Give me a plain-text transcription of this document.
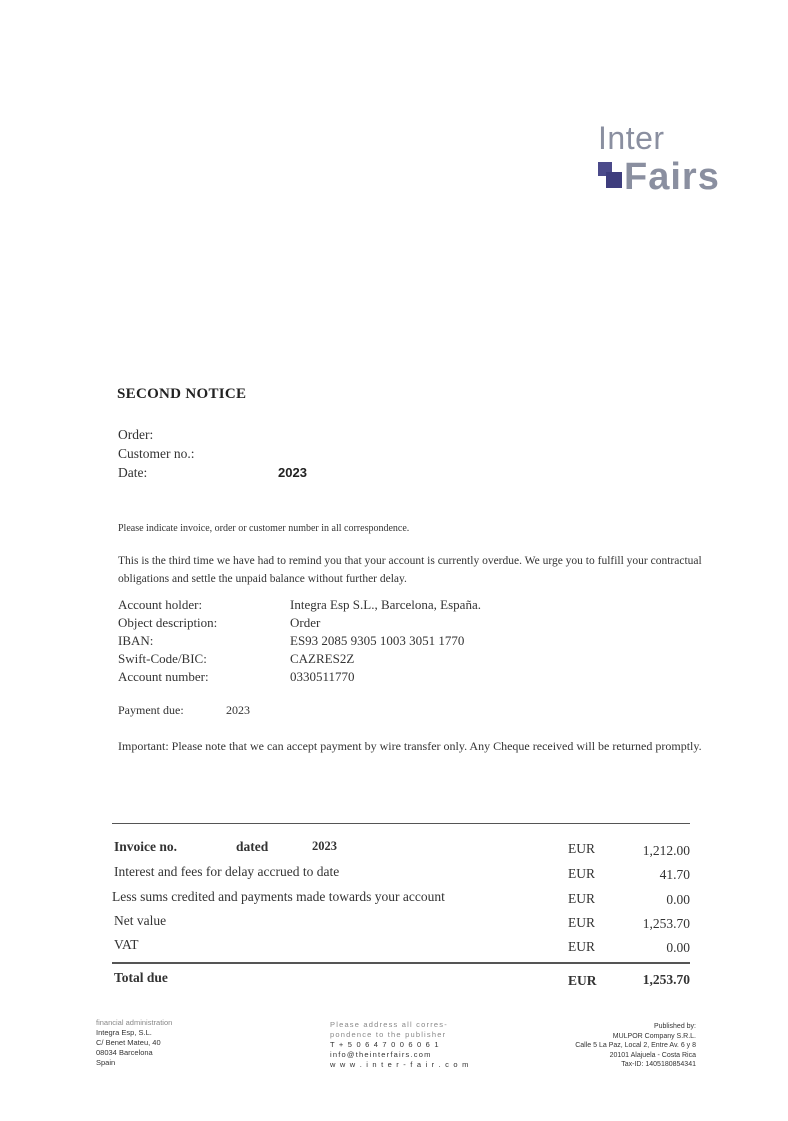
Inter
Fairs
SECOND NOTICE
Order:
Customer no.:
Date:	2023
Please indicate invoice, order or customer number in all correspondence.
This is the third time we have had to remind you that your account is currently overdue. We urge you to fulfill your contractual obligations and settle the unpaid balance without further delay.
Account holder:	Integra Esp S.L., Barcelona, España.
Object description:	Order
IBAN:	ES93 2085 9305 1003 3051 1770
Swift-Code/BIC:	CAZRES2Z
Account number:	0330511770
Payment due:	2023
Important: Please note that we can accept payment by wire transfer only. Any Cheque received will be returned promptly.
Invoice no.	dated	2023	EUR	1,212.00
Interest and fees for delay accrued to date	EUR	41.70
Less sums credited and payments made towards your account	EUR	0.00
Net value	EUR	1,253.70
VAT	EUR	0.00
Total due	EUR	1,253.70
financial administration
Integra Esp, S.L.
C/ Benet Mateu, 40
08034 Barcelona
Spain
Please address all corres-
pondence to the publisher
T + 5 0 6 4 7 0 0 6 0 6 1
info@theinterfairs.com
w w w . i n t e r - f a i r . c o m
Published by:
MULPOR Company S.R.L.
Calle 5 La Paz, Local 2, Entre Av. 6 y 8
20101 Alajuela - Costa Rica
Tax-ID: 1405180854341
